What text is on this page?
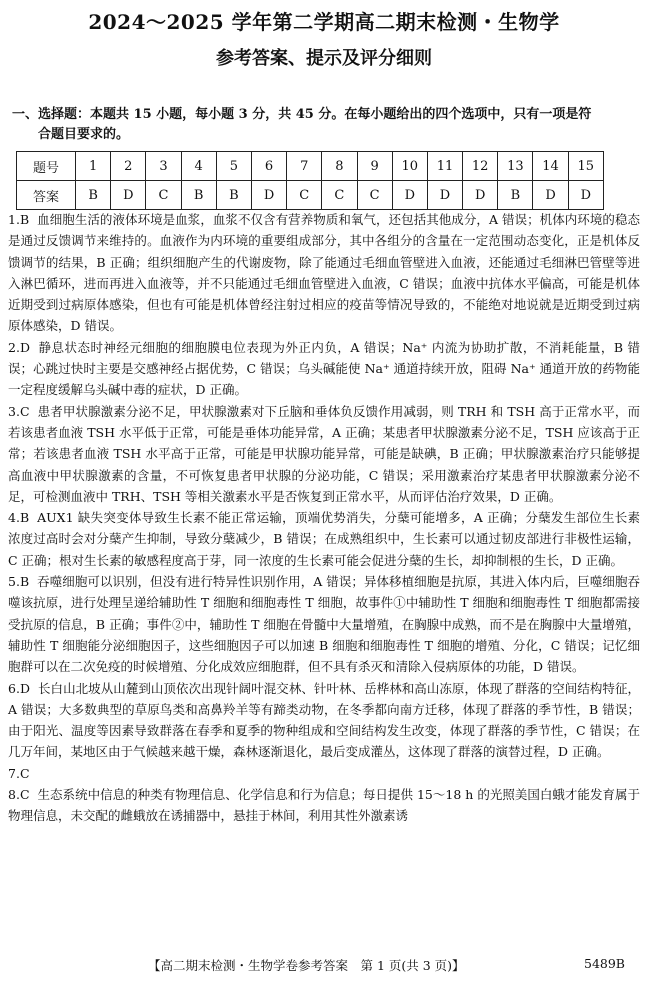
2024～2025 学年第二学期高二期末检测・生物学
参考答案、提示及评分细则
一、选择题：本题共 15 小题，每小题 3 分，共 45 分。在每小题给出的四个选项中，只有一项是符
合题目要求的。
题号	1	2	3	4	5	6	7	8	9	10	11	12	13	14	15
答案	B	D	C	B	B	D	C	C	C	D	D	D	B	D	D
1.B 血细胞生活的液体环境是血浆，血浆不仅含有营养物质和氧气，还包括其他成分，A 错误；机体内环境的稳态是通过反馈调节来维持的。血液作为内环境的重要组成部分，其中各组分的含量在一定范围动态变化，正是机体反馈调节的结果，B 正确；组织细胞产生的代谢废物，除了能通过毛细血管壁进入血液，还能通过毛细淋巴管壁等进入淋巴循环，进而再进入血液等，并不只能通过毛细血管壁进入血液，C 错误；血液中抗体水平偏高，可能是机体近期受到过病原体感染，但也有可能是机体曾经注射过相应的疫苗等情况导致的，不能绝对地说就是近期受到过病原体感染，D 错误。
2.D 静息状态时神经元细胞的细胞膜电位表现为外正内负，A 错误；Na⁺ 内流为协助扩散，不消耗能量，B 错误；心跳过快时主要是交感神经占据优势，C 错误；乌头碱能使 Na⁺ 通道持续开放，阻碍 Na⁺ 通道开放的药物能一定程度缓解乌头碱中毒的症状，D 正确。
3.C 患者甲状腺激素分泌不足，甲状腺激素对下丘脑和垂体负反馈作用减弱，则 TRH 和 TSH 高于正常水平，而若该患者血液 TSH 水平低于正常，可能是垂体功能异常，A 正确；某患者甲状腺激素分泌不足，TSH 应该高于正常；若该患者血液 TSH 水平高于正常，可能是甲状腺功能异常，可能是缺碘，B 正确；甲状腺激素治疗只能够提高血液中甲状腺激素的含量，不可恢复患者甲状腺的分泌功能，C 错误；采用激素治疗某患者甲状腺激素分泌不足，可检测血液中 TRH、TSH 等相关激素水平是否恢复到正常水平，从而评估治疗效果，D 正确。
4.B AUX1 缺失突变体导致生长素不能正常运输，顶端优势消失，分蘖可能增多，A 正确；分蘖发生部位生长素浓度过高时会对分蘖产生抑制，导致分蘖减少，B 错误；在成熟组织中，生长素可以通过韧皮部进行非极性运输，C 正确；根对生长素的敏感程度高于芽，同一浓度的生长素可能会促进分蘖的生长，却抑制根的生长，D 正确。
5.B 吞噬细胞可以识别，但没有进行特异性识别作用，A 错误；异体移植细胞是抗原，其进入体内后，巨噬细胞吞噬该抗原，进行处理呈递给辅助性 T 细胞和细胞毒性 T 细胞，故事件①中辅助性 T 细胞和细胞毒性 T 细胞都需接受抗原的信息，B 正确；事件②中，辅助性 T 细胞在骨髓中大量增殖，在胸腺中成熟，而不是在胸腺中大量增殖，辅助性 T 细胞能分泌细胞因子，这些细胞因子可以加速 B 细胞和细胞毒性 T 细胞的增殖、分化，C 错误；记忆细胞群可以在二次免疫的时候增殖、分化成效应细胞群，但不具有杀灭和清除入侵病原体的功能，D 错误。
6.D 长白山北坡从山麓到山顶依次出现针阔叶混交林、针叶林、岳桦林和高山冻原，体现了群落的空间结构特征，A 错误；大多数典型的草原鸟类和高鼻羚羊等有蹄类动物，在冬季都向南方迁移，体现了群落的季节性，B 错误；由于阳光、温度等因素导致群落在春季和夏季的物种组成和空间结构发生改变，体现了群落的季节性，C 错误；在几万年间，某地区由于气候越来越干燥，森林逐渐退化，最后变成灌丛，这体现了群落的演替过程，D 正确。
7.C
8.C 生态系统中信息的种类有物理信息、化学信息和行为信息；每日提供 15～18 h 的光照美国白蛾才能发育属于物理信息，未交配的雌蛾放在诱捕器中，悬挂于林间，利用其性外激素诱
【高二期末检测・生物学卷参考答案　第 1 页(共 3 页)】	5489B
